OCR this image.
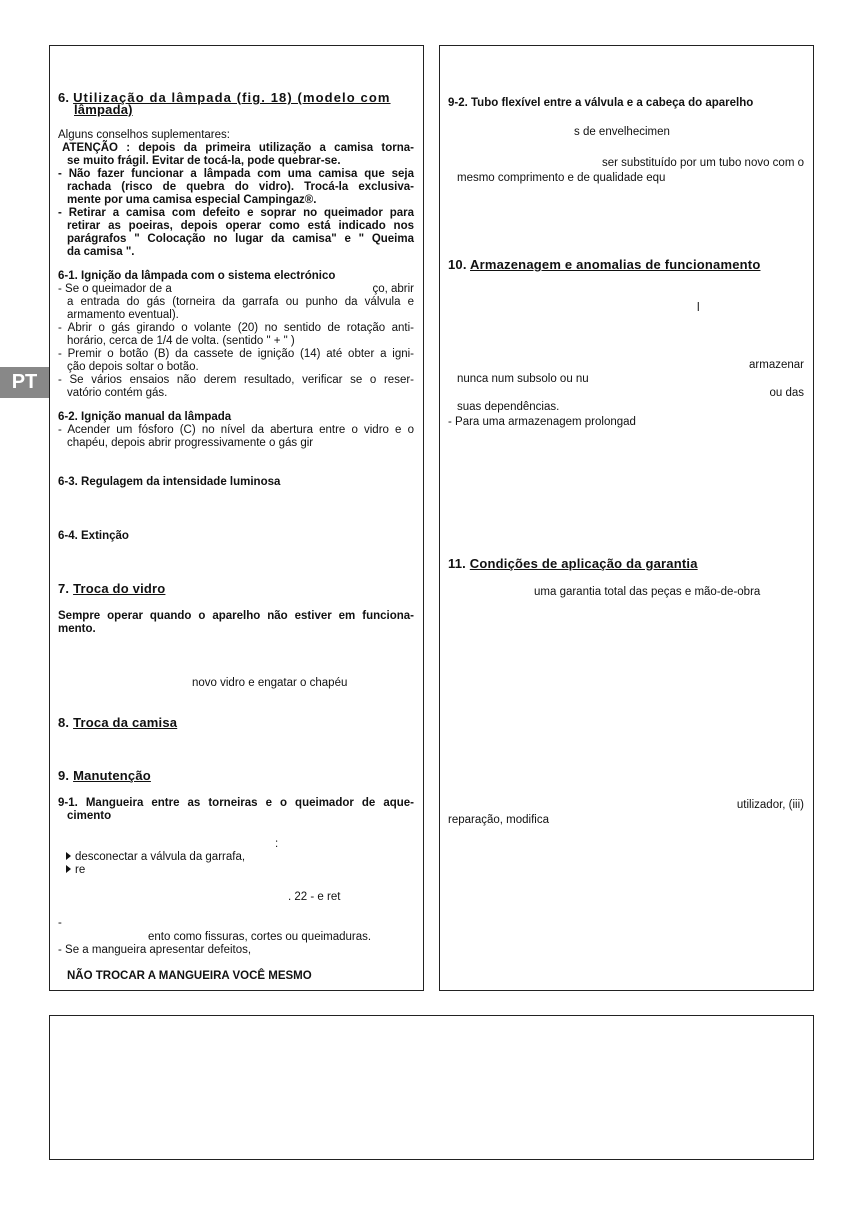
PT
6. Utilização da lâmpada (fig. 18) (modelo com
lâmpada)
Alguns conselhos suplementares:
ATENÇÃO : depois da primeira utilização a camisa torna-
se muito frágil. Evitar de tocá-la, pode quebrar-se.
- Não fazer funcionar a lâmpada com uma camisa que seja
rachada (risco de quebra do vidro). Trocá-la exclusiva-
mente por uma camisa especial Campingaz®.
- Retirar a camisa com defeito e soprar no queimador para
retirar as poeiras, depois operar como está indicado nos
parágrafos " Colocação no lugar da camisa" e " Queima
da camisa ".
6-1. Ignição da lâmpada com o sistema electrónico
- Se o queimador de a	ço, abrir
a entrada do gás (torneira da garrafa ou punho da válvula e
armamento eventual).
- Abrir o gás girando o volante (20) no sentido de rotação anti-
horário, cerca de 1/4 de volta. (sentido " + " )
- Premir o botão (B) da cassete de ignição (14) até obter a igni-
ção depois soltar o botão.
- Se vários ensaios não derem resultado, verificar se o reser-
vatório contém gás.
6-2. Ignição manual da lâmpada
- Acender um fósforo (C) no nível da abertura entre o vidro e o
chapéu, depois abrir progressivamente o gás gir
6-3. Regulagem da intensidade luminosa
6-4. Extinção
7. Troca do vidro
Sempre operar quando o aparelho não estiver em funciona-
mento.
novo vidro e engatar o chapéu
8. Troca da camisa
9. Manutenção
9-1. Mangueira entre as torneiras e o queimador de aque-
cimento
:
desconectar a válvula da garrafa,
re
. 22 - e ret
-
ento como fissuras, cortes ou queimaduras.
- Se a mangueira apresentar defeitos,
NÃO TROCAR A MANGUEIRA VOCÊ MESMO
9-2. Tubo flexível entre a válvula e a cabeça do aparelho
s de envelhecimen
ser substituído por um tubo novo com o
mesmo comprimento e de qualidade equ
10. Armazenagem e anomalias de funcionamento
l
armazenar
nunca num subsolo ou nu
ou das
suas dependências.
- Para uma armazenagem prolongad
11. Condições de aplicação da garantia
uma garantia total das peças e mão-de-obra
utilizador, (iii)
reparação, modifica
